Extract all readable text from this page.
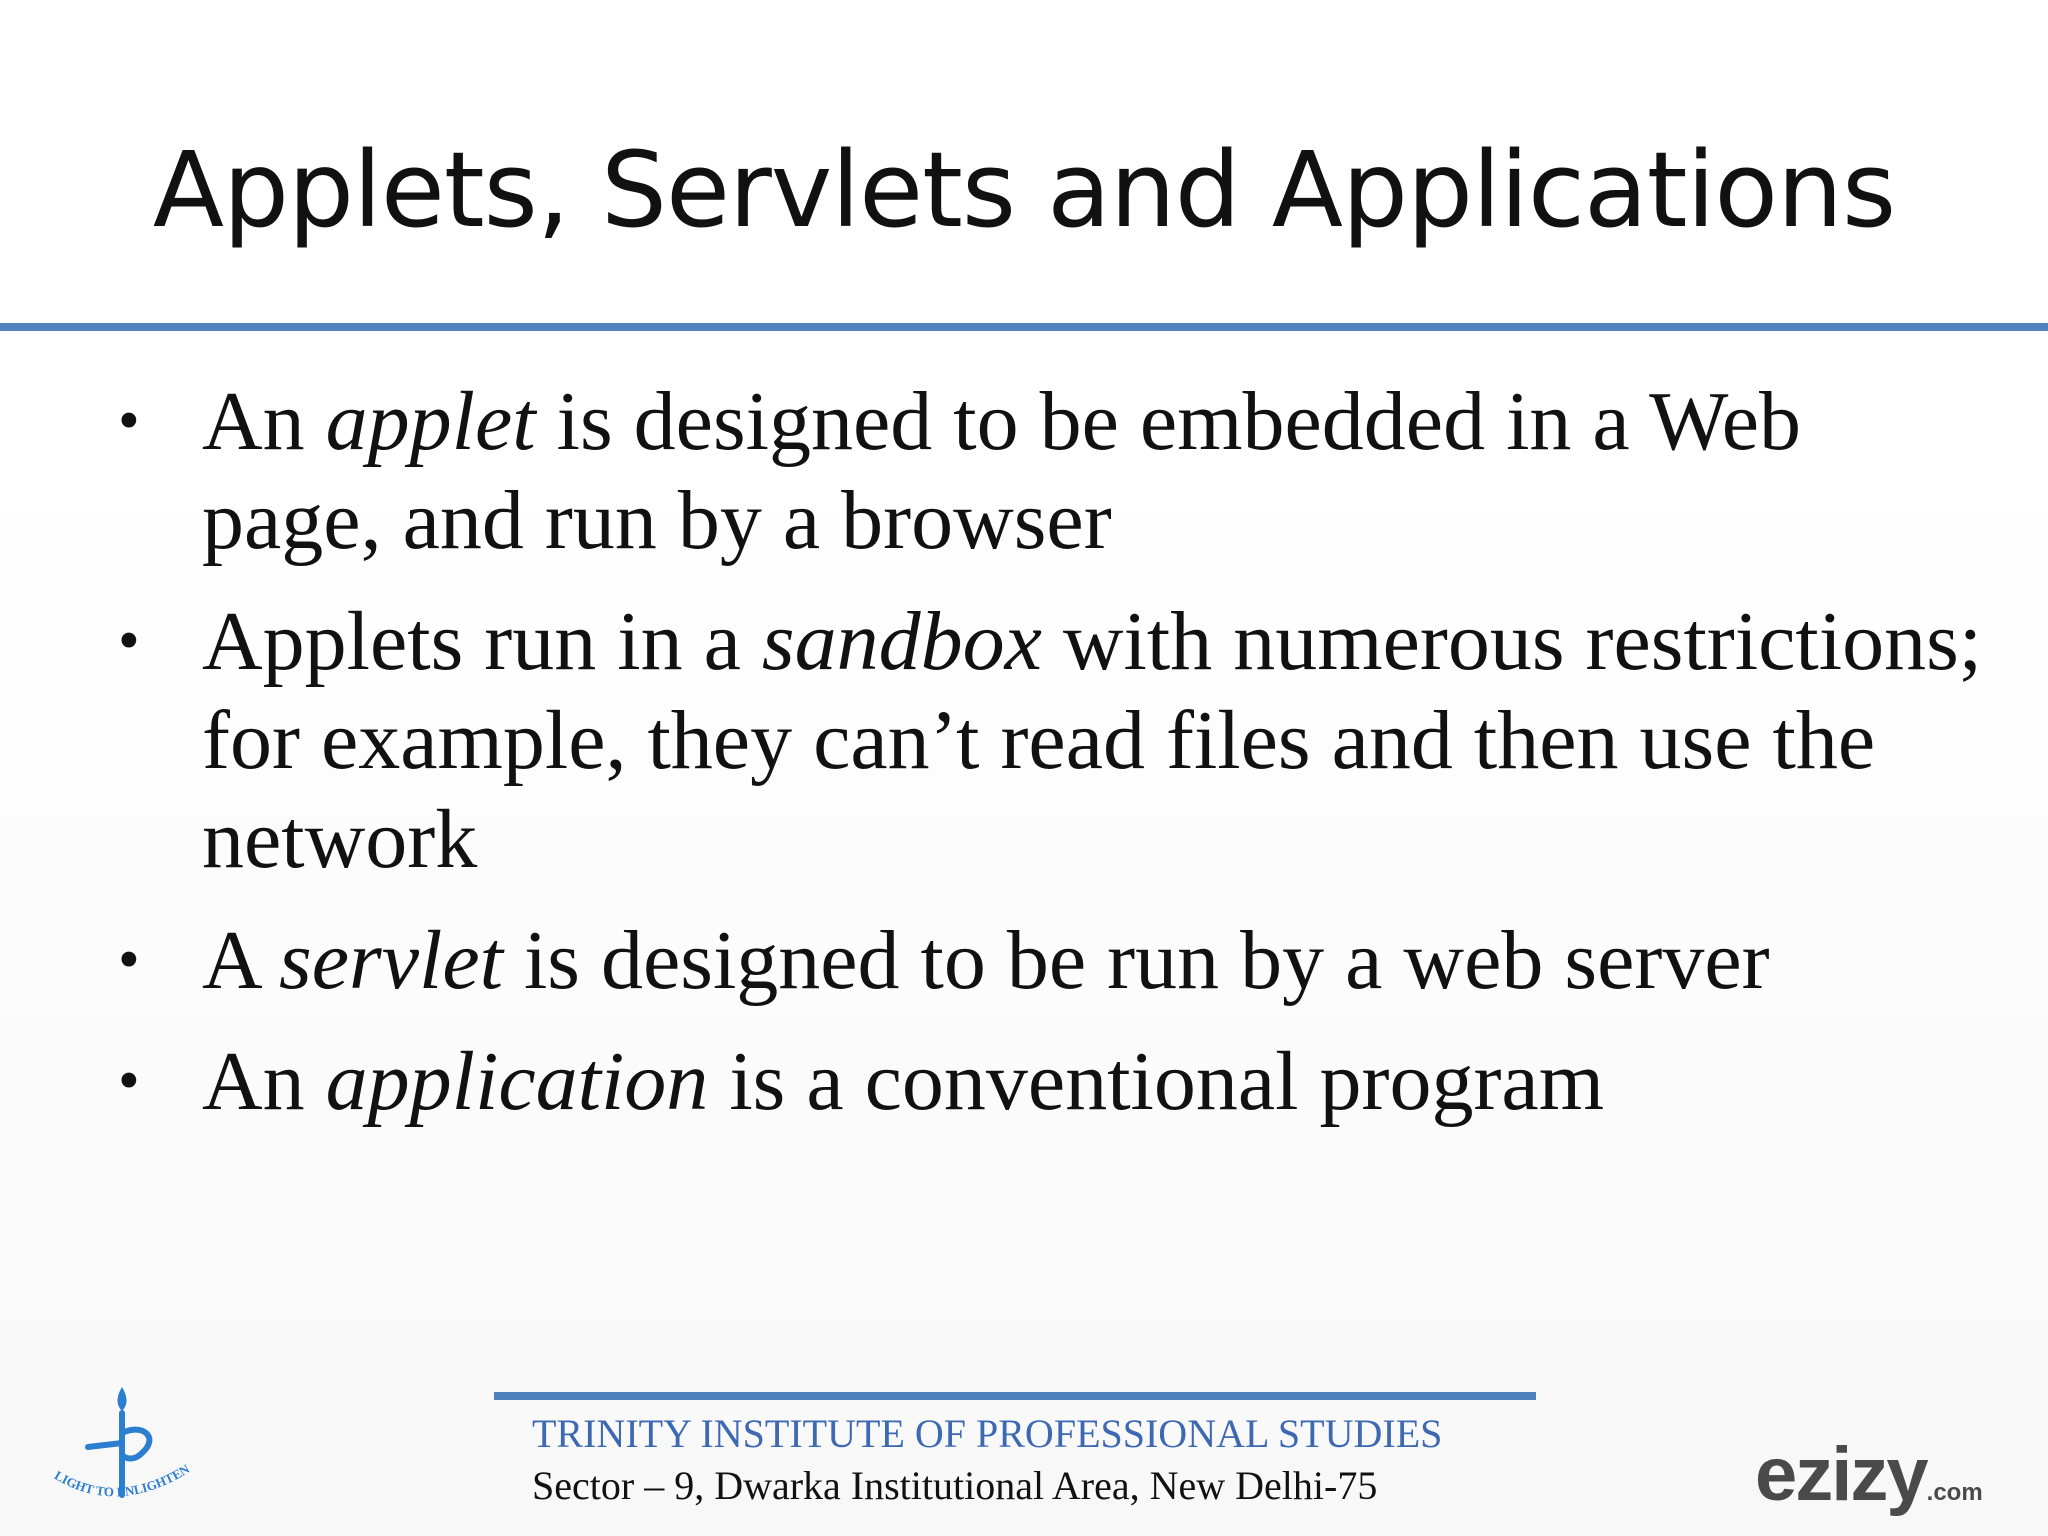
Applets, Servlets and Applications
• An applet is designed to be embedded in a Web page, and run by a browser
• Applets run in a sandbox with numerous restrictions; for example, they can’t read files and then use the network
• A servlet is designed to be run by a web server
• An application is a conventional program
LIGHT TO ENLIGHTEN
TRINITY INSTITUTE OF PROFESSIONAL STUDIES
Sector – 9, Dwarka Institutional Area, New Delhi-75	ezizy.com
